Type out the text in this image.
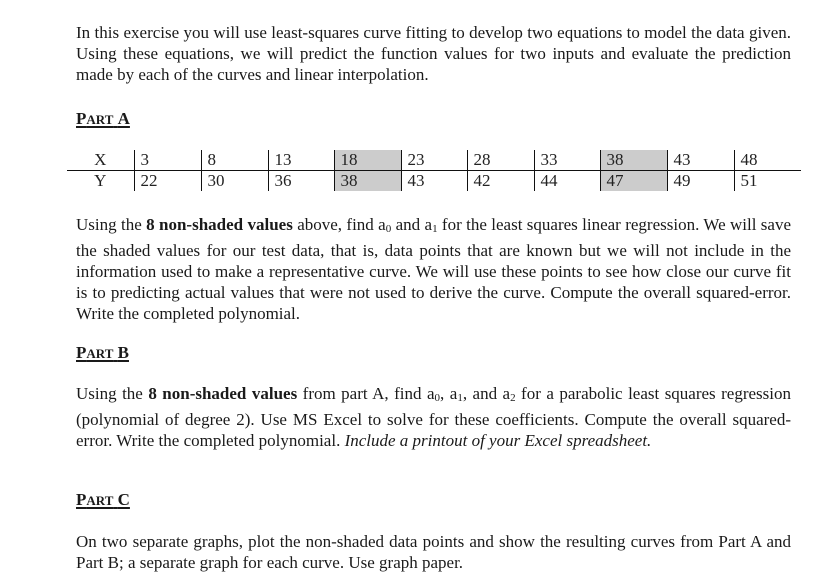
In this exercise you will use least-squares curve fitting to develop two equations to model the data given. Using these equations, we will predict the function values for two inputs and evaluate the prediction made by each of the curves and linear interpolation.

PART A
X	3	8	13	18	23	28	33	38	43	48
Y	22	30	36	38	43	42	44	47	49	51

Using the 8 non-shaded values above, find a0 and a1 for the least squares linear regression. We will save the shaded values for our test data, that is, data points that are known but we will not include in the information used to make a representative curve. We will use these points to see how close our curve fit is to predicting actual values that were not used to derive the curve. Compute the overall squared-error. Write the completed polynomial.

PART B

Using the 8 non-shaded values from part A, find a0, a1, and a2 for a parabolic least squares regression (polynomial of degree 2). Use MS Excel to solve for these coefficients. Compute the overall squared-error. Write the completed polynomial. Include a printout of your Excel spreadsheet.

PART C

On two separate graphs, plot the non-shaded data points and show the resulting curves from Part A and Part B; a separate graph for each curve. Use graph paper.
